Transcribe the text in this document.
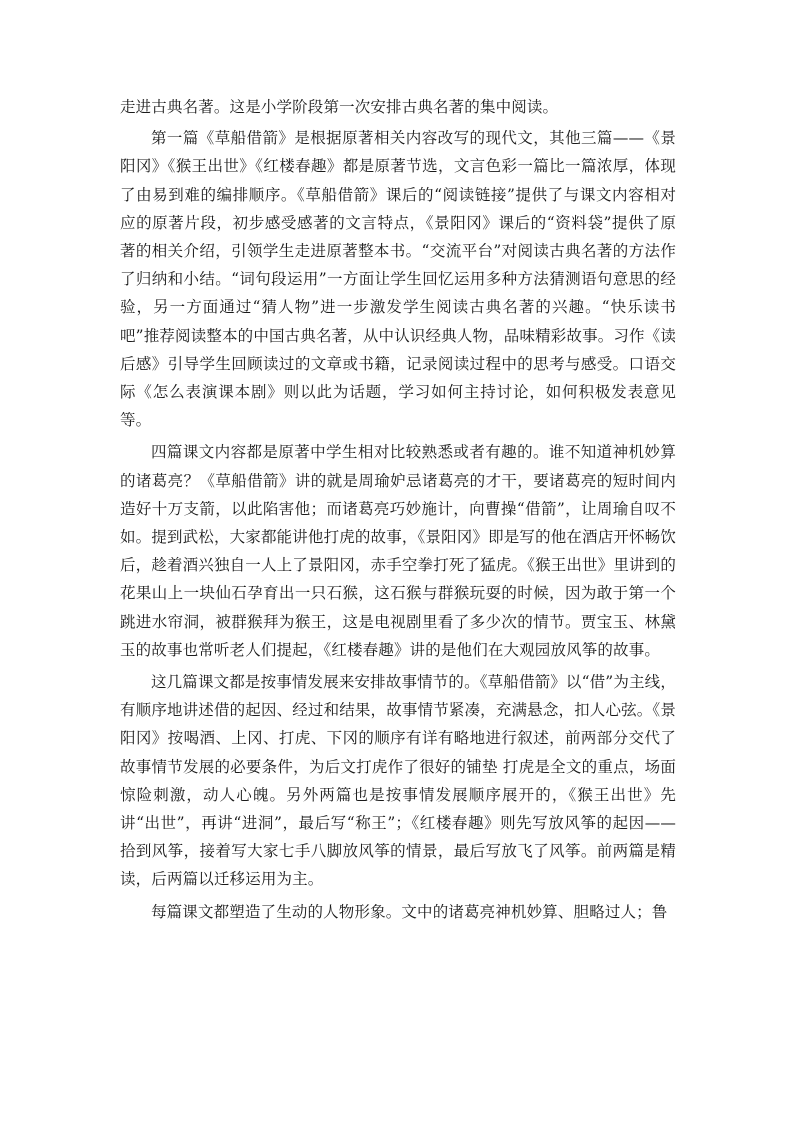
走进古典名著。这是小学阶段第一次安排古典名著的集中阅读。

第一篇《草船借箭》是根据原著相关内容改写的现代文，其他三篇——《景阳冈》《猴王出世》《红楼春趣》都是原著节选，文言色彩一篇比一篇浓厚，体现了由易到难的编排顺序。《草船借箭》课后的“阅读链接”提供了与课文内容相对应的原著片段，初步感受感著的文言特点，《景阳冈》课后的“资料袋”提供了原著的相关介绍，引领学生走进原著整本书。“交流平台”对阅读古典名著的方法作了归纳和小结。“词句段运用”一方面让学生回忆运用多种方法猜测语句意思的经验，另一方面通过“猜人物”进一步激发学生阅读古典名著的兴趣。“快乐读书吧”推荐阅读整本的中国古典名著，从中认识经典人物，品味精彩故事。习作《读后感》引导学生回顾读过的文章或书籍，记录阅读过程中的思考与感受。口语交际《怎么表演课本剧》则以此为话题，学习如何主持讨论，如何积极发表意见等。

四篇课文内容都是原著中学生相对比较熟悉或者有趣的。谁不知道神机妙算的诸葛亮？《草船借箭》讲的就是周瑜妒忌诸葛亮的才干，要诸葛亮的短时间内造好十万支箭，以此陷害他；而诸葛亮巧妙施计，向曹操“借箭”，让周瑜自叹不如。提到武松，大家都能讲他打虎的故事，《景阳冈》即是写的他在酒店开怀畅饮后，趁着酒兴独自一人上了景阳冈，赤手空拳打死了猛虎。《猴王出世》里讲到的花果山上一块仙石孕育出一只石猴，这石猴与群猴玩耍的时候，因为敢于第一个跳进水帘洞，被群猴拜为猴王，这是电视剧里看了多少次的情节。贾宝玉、林黛玉的故事也常听老人们提起，《红楼春趣》讲的是他们在大观园放风筝的故事。

这几篇课文都是按事情发展来安排故事情节的。《草船借箭》以“借”为主线，有顺序地讲述借的起因、经过和结果，故事情节紧凑，充满悬念，扣人心弦。《景阳冈》按喝酒、上冈、打虎、下冈的顺序有详有略地进行叙述，前两部分交代了故事情节发展的必要条件，为后文打虎作了很好的铺垫 打虎是全文的重点，场面惊险刺激，动人心魄。另外两篇也是按事情发展顺序展开的，《猴王出世》先讲“出世”，再讲“进洞”，最后写“称王”；《红楼春趣》则先写放风筝的起因——拾到风筝，接着写大家七手八脚放风筝的情景，最后写放飞了风筝。前两篇是精读，后两篇以迁移运用为主。

每篇课文都塑造了生动的人物形象。文中的诸葛亮神机妙算、胆略过人；鲁
